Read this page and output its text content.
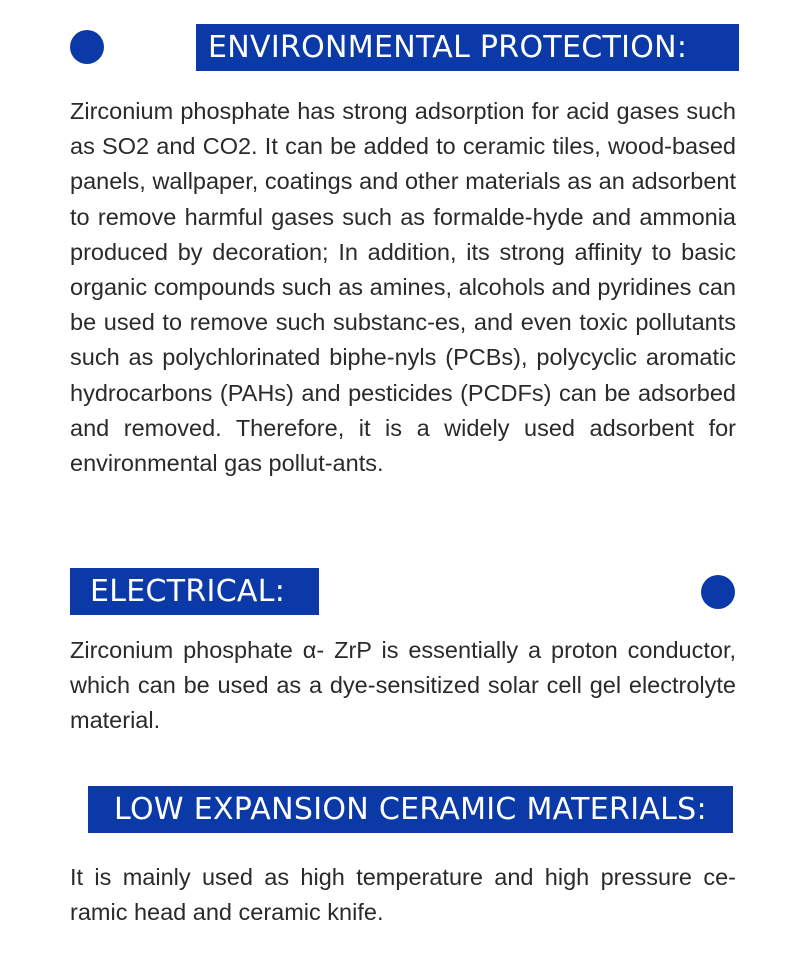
ENVIRONMENTAL PROTECTION:

Zirconium phosphate has strong adsorption for acid gases such as SO2 and CO2. It can be added to ceramic tiles, wood-based panels, wallpaper, coatings and other materials as an adsorbent to remove harmful gases such as formalde-hyde and ammonia produced by decoration; In addition, its strong affinity to basic organic compounds such as amines, alcohols and pyridines can be used to remove such substanc-es, and even toxic pollutants such as polychlorinated biphe-nyls (PCBs), polycyclic aromatic hydrocarbons (PAHs) and pesticides (PCDFs) can be adsorbed and removed. Therefore, it is a widely used adsorbent for environmental gas pollut-ants.

ELECTRICAL:

Zirconium phosphate α- ZrP is essentially a proton conductor, which can be used as a dye-sensitized solar cell gel electrolyte material.

LOW EXPANSION CERAMIC MATERIALS:

It is mainly used as high temperature and high pressure ce-ramic head and ceramic knife.
